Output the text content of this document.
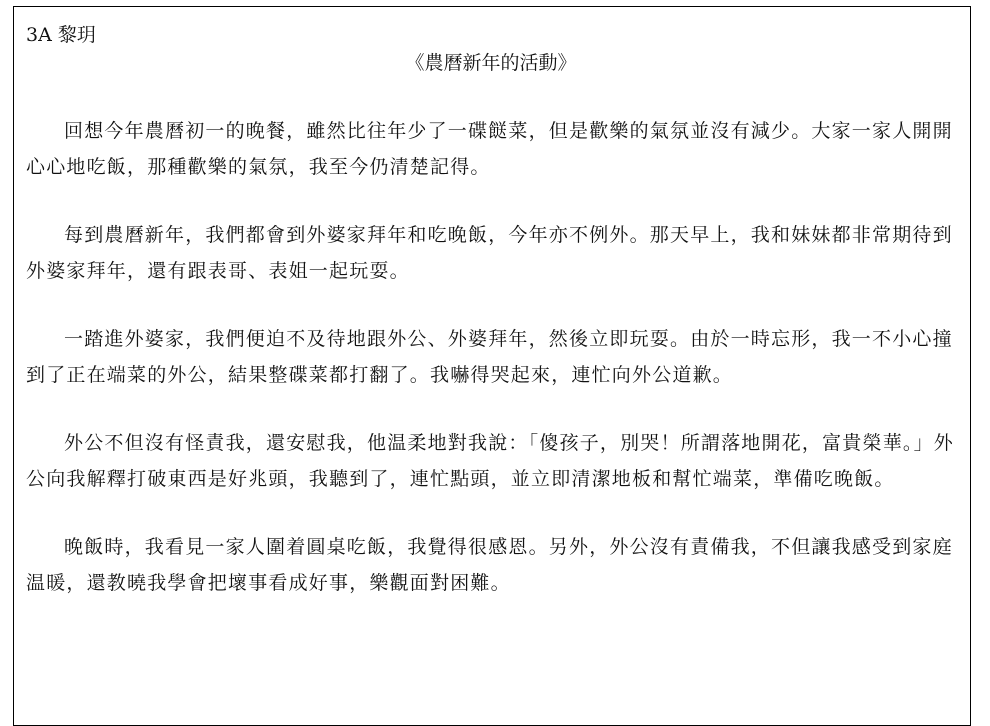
3A 黎玥

《農曆新年的活動》

回想今年農曆初一的晚餐，雖然比往年少了一碟餸菜，但是歡樂的氣氛並沒有減少。大家一家人開開心心地吃飯，那種歡樂的氣氛，我至今仍清楚記得。

每到農曆新年，我們都會到外婆家拜年和吃晚飯，今年亦不例外。那天早上，我和妹妹都非常期待到外婆家拜年，還有跟表哥、表姐一起玩耍。

一踏進外婆家，我們便迫不及待地跟外公、外婆拜年，然後立即玩耍。由於一時忘形，我一不小心撞到了正在端菜的外公，結果整碟菜都打翻了。我嚇得哭起來，連忙向外公道歉。

外公不但沒有怪責我，還安慰我，他温柔地對我說：「傻孩子，別哭！所謂落地開花，富貴榮華。」外公向我解釋打破東西是好兆頭，我聽到了，連忙點頭，並立即清潔地板和幫忙端菜，準備吃晚飯。

晚飯時，我看見一家人圍着圓桌吃飯，我覺得很感恩。另外，外公沒有責備我，不但讓我感受到家庭温暖，還教曉我學會把壞事看成好事，樂觀面對困難。
